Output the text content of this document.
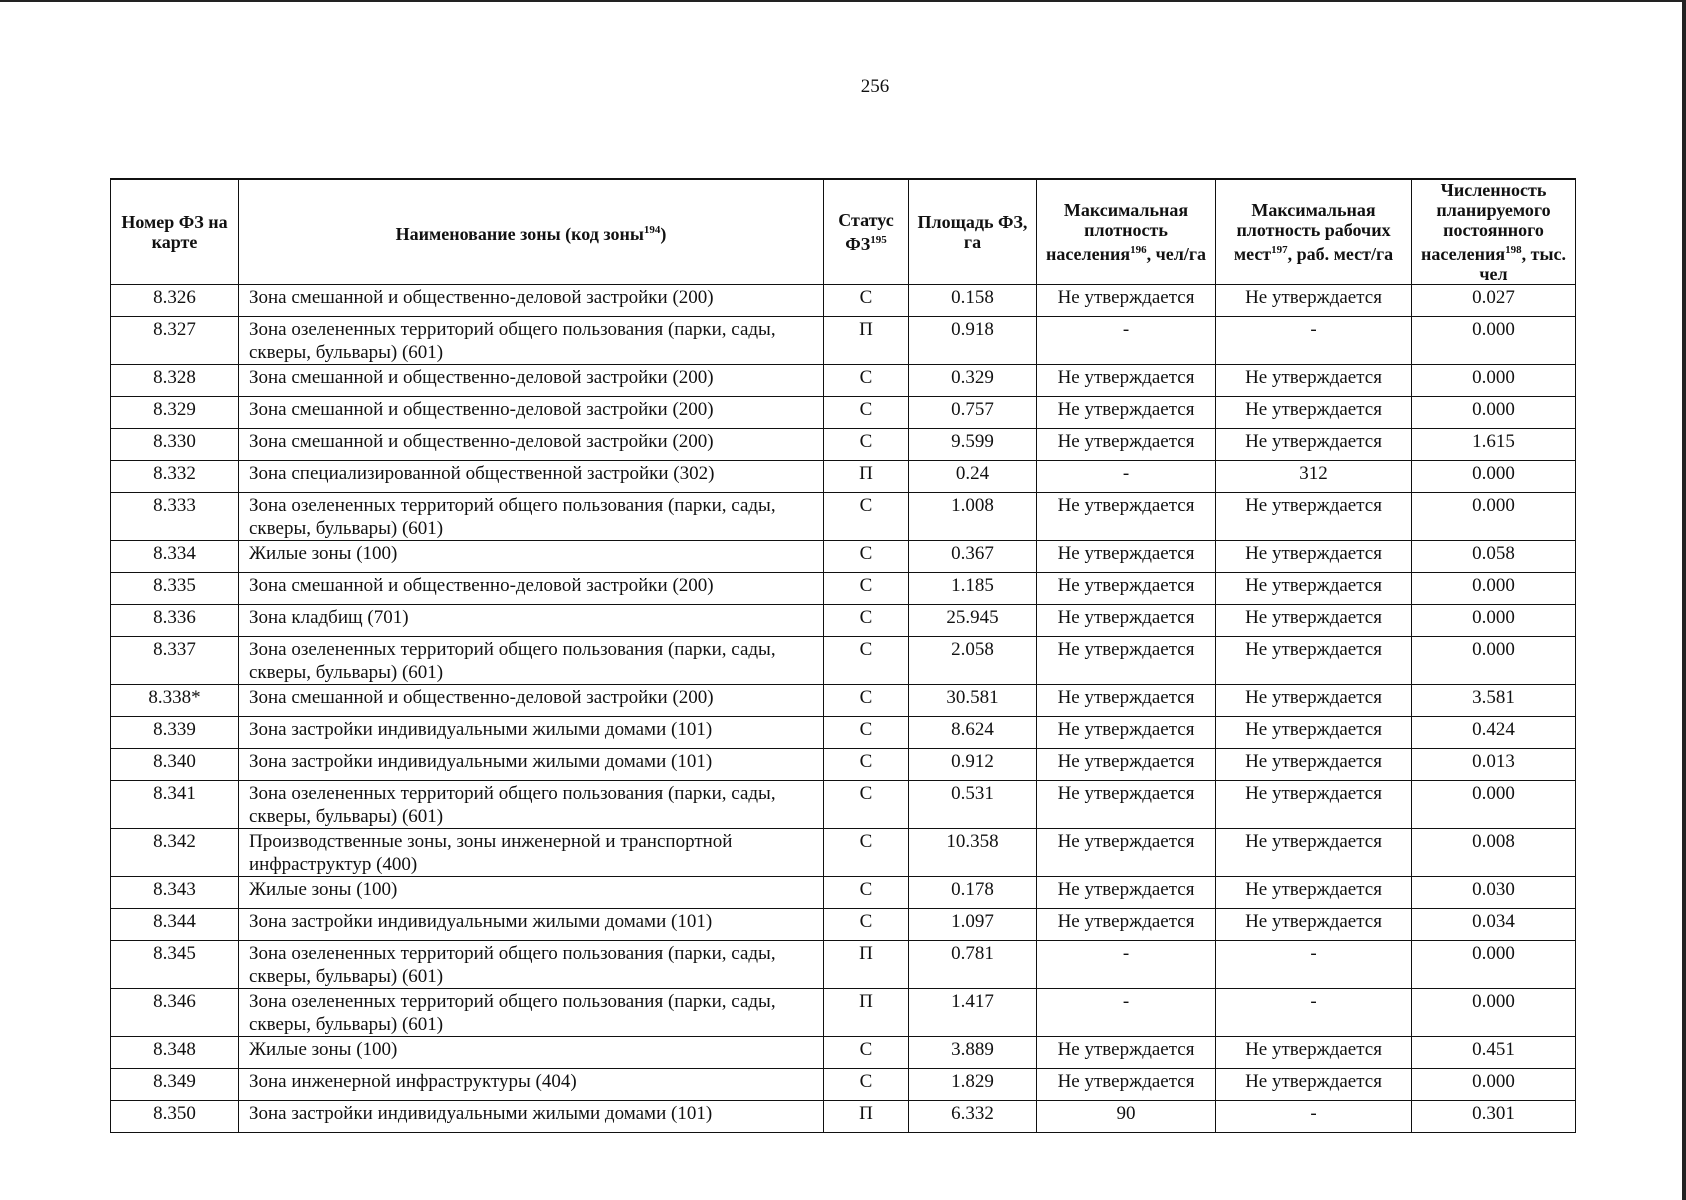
256
Номер ФЗ на карте	Наименование зоны (код зоны$^{194}$)	Статус ФЗ$^{195}$	Площадь ФЗ, га	Максимальная плотность населения$^{196}$, чел/га	Максимальная плотность рабочих мест$^{197}$, раб. мест/га	Численность планируемого постоянного населения$^{198}$, тыс. чел
8.326	Зона смешанной и общественно-деловой застройки (200)	С	0.158	Не утверждается	Не утверждается	0.027
8.327	Зона озелененных территорий общего пользования (парки, сады, скверы, бульвары) (601)	П	0.918	-	-	0.000
8.328	Зона смешанной и общественно-деловой застройки (200)	С	0.329	Не утверждается	Не утверждается	0.000
8.329	Зона смешанной и общественно-деловой застройки (200)	С	0.757	Не утверждается	Не утверждается	0.000
8.330	Зона смешанной и общественно-деловой застройки (200)	С	9.599	Не утверждается	Не утверждается	1.615
8.332	Зона специализированной общественной застройки (302)	П	0.24	-	312	0.000
8.333	Зона озелененных территорий общего пользования (парки, сады, скверы, бульвары) (601)	С	1.008	Не утверждается	Не утверждается	0.000
8.334	Жилые зоны (100)	С	0.367	Не утверждается	Не утверждается	0.058
8.335	Зона смешанной и общественно-деловой застройки (200)	С	1.185	Не утверждается	Не утверждается	0.000
8.336	Зона кладбищ (701)	С	25.945	Не утверждается	Не утверждается	0.000
8.337	Зона озелененных территорий общего пользования (парки, сады, скверы, бульвары) (601)	С	2.058	Не утверждается	Не утверждается	0.000
8.338*	Зона смешанной и общественно-деловой застройки (200)	С	30.581	Не утверждается	Не утверждается	3.581
8.339	Зона застройки индивидуальными жилыми домами (101)	С	8.624	Не утверждается	Не утверждается	0.424
8.340	Зона застройки индивидуальными жилыми домами (101)	С	0.912	Не утверждается	Не утверждается	0.013
8.341	Зона озелененных территорий общего пользования (парки, сады, скверы, бульвары) (601)	С	0.531	Не утверждается	Не утверждается	0.000
8.342	Производственные зоны, зоны инженерной и транспортной инфраструктур (400)	С	10.358	Не утверждается	Не утверждается	0.008
8.343	Жилые зоны (100)	С	0.178	Не утверждается	Не утверждается	0.030
8.344	Зона застройки индивидуальными жилыми домами (101)	С	1.097	Не утверждается	Не утверждается	0.034
8.345	Зона озелененных территорий общего пользования (парки, сады, скверы, бульвары) (601)	П	0.781	-	-	0.000
8.346	Зона озелененных территорий общего пользования (парки, сады, скверы, бульвары) (601)	П	1.417	-	-	0.000
8.348	Жилые зоны (100)	С	3.889	Не утверждается	Не утверждается	0.451
8.349	Зона инженерной инфраструктуры (404)	С	1.829	Не утверждается	Не утверждается	0.000
8.350	Зона застройки индивидуальными жилыми домами (101)	П	6.332	90	-	0.301
